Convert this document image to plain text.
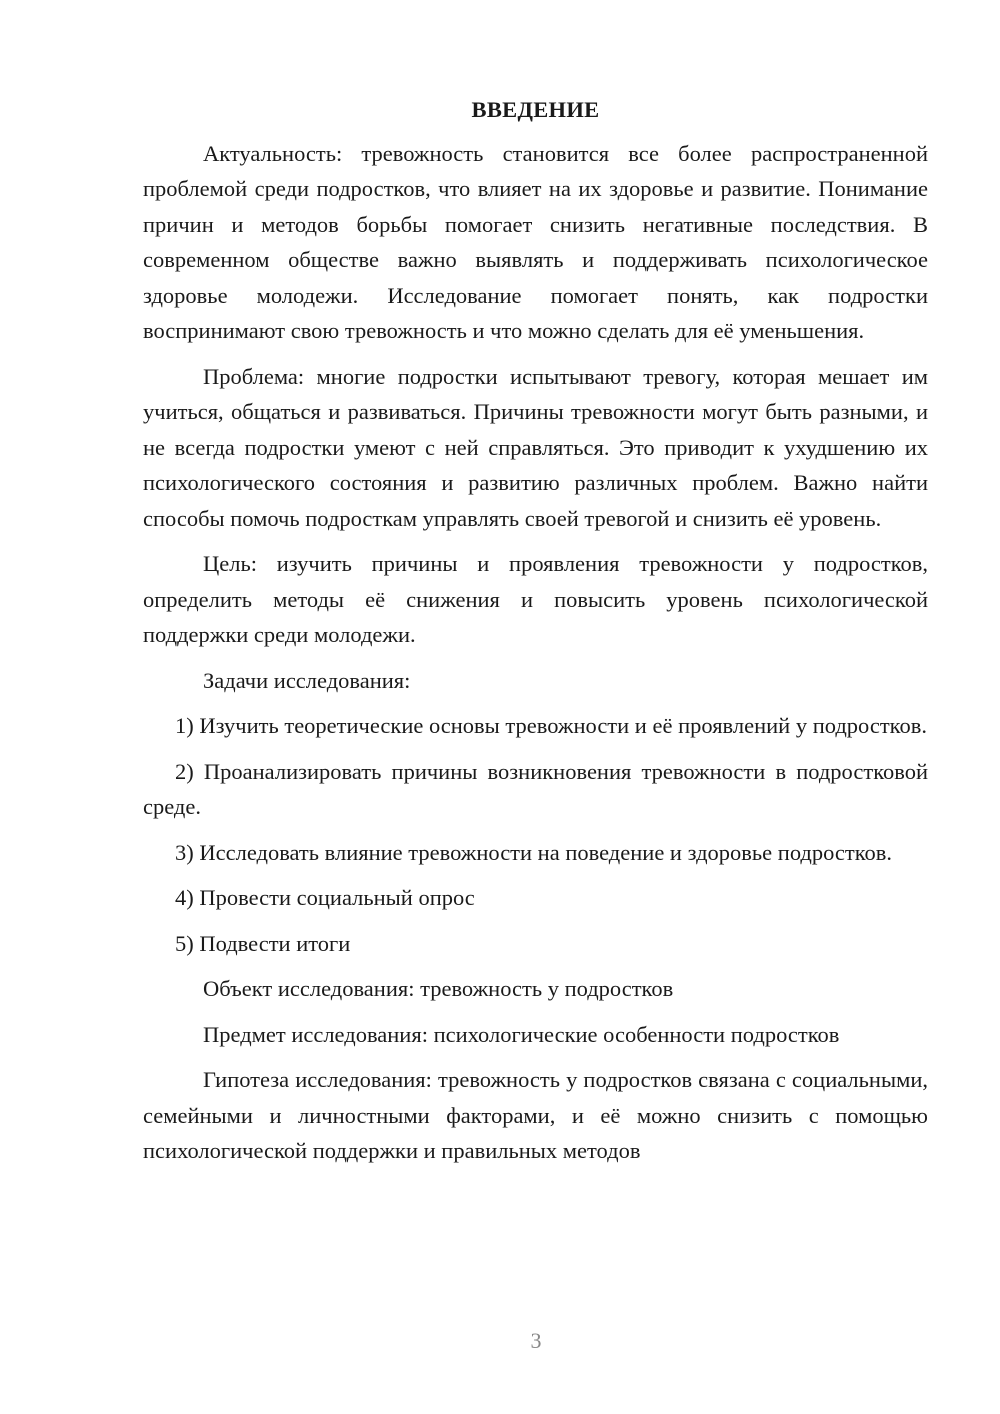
ВВЕДЕНИЕ

Актуальность: тревожность становится все более распространенной проблемой среди подростков, что влияет на их здоровье и развитие. Понимание причин и методов борьбы помогает снизить негативные последствия. В современном обществе важно выявлять и поддерживать психологическое здоровье молодежи. Исследование помогает понять, как подростки воспринимают свою тревожность и что можно сделать для её уменьшения.

Проблема: многие подростки испытывают тревогу, которая мешает им учиться, общаться и развиваться. Причины тревожности могут быть разными, и не всегда подростки умеют с ней справляться. Это приводит к ухудшению их психологического состояния и развитию различных проблем. Важно найти способы помочь подросткам управлять своей тревогой и снизить её уровень.

Цель: изучить причины и проявления тревожности у подростков, определить методы её снижения и повысить уровень психологической поддержки среди молодежи.

Задачи исследования:

1) Изучить теоретические основы тревожности и её проявлений у подростков.

2) Проанализировать причины возникновения тревожности в подростковой среде.

3) Исследовать влияние тревожности на поведение и здоровье подростков.

4) Провести социальный опрос

5) Подвести итоги

Объект исследования: тревожность у подростков

Предмет исследования: психологические особенности подростков

Гипотеза исследования: тревожность у подростков связана с социальными, семейными и личностными факторами, и её можно снизить с помощью психологической поддержки и правильных методов

3
